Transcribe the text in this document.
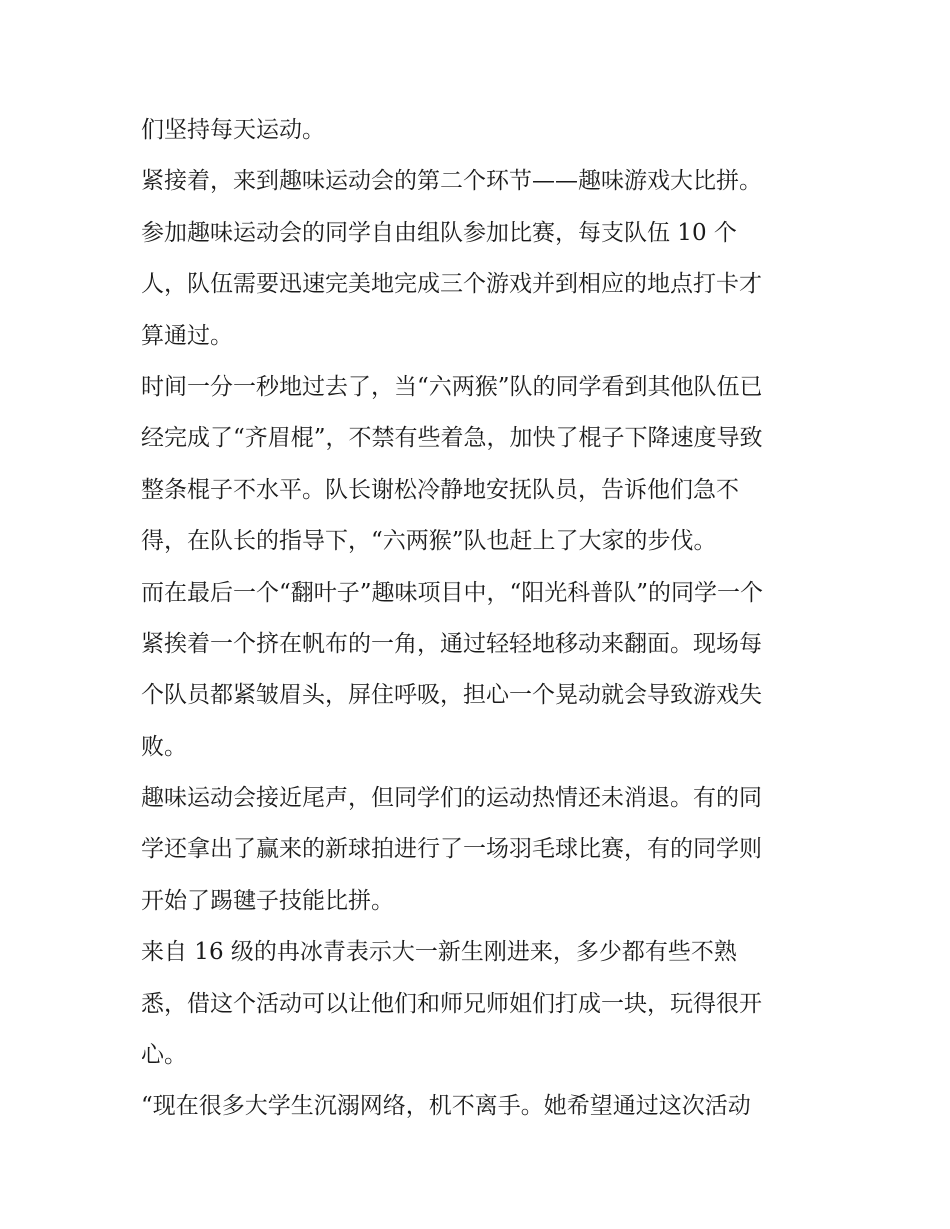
们坚持每天运动。
紧接着，来到趣味运动会的第二个环节——趣味游戏大比拼。
参加趣味运动会的同学自由组队参加比赛，每支队伍 10 个
人，队伍需要迅速完美地完成三个游戏并到相应的地点打卡才
算通过。
时间一分一秒地过去了，当“六两猴”队的同学看到其他队伍已
经完成了“齐眉棍”，不禁有些着急，加快了棍子下降速度导致
整条棍子不水平。队长谢松冷静地安抚队员，告诉他们急不
得，在队长的指导下，“六两猴”队也赶上了大家的步伐。
而在最后一个“翻叶子”趣味项目中，“阳光科普队”的同学一个
紧挨着一个挤在帆布的一角，通过轻轻地移动来翻面。现场每
个队员都紧皱眉头，屏住呼吸，担心一个晃动就会导致游戏失
败。
趣味运动会接近尾声，但同学们的运动热情还未消退。有的同
学还拿出了赢来的新球拍进行了一场羽毛球比赛，有的同学则
开始了踢毽子技能比拼。
来自 16 级的冉冰青表示大一新生刚进来，多少都有些不熟
悉，借这个活动可以让他们和师兄师姐们打成一块，玩得很开
心。
“现在很多大学生沉溺网络，机不离手。她希望通过这次活动
